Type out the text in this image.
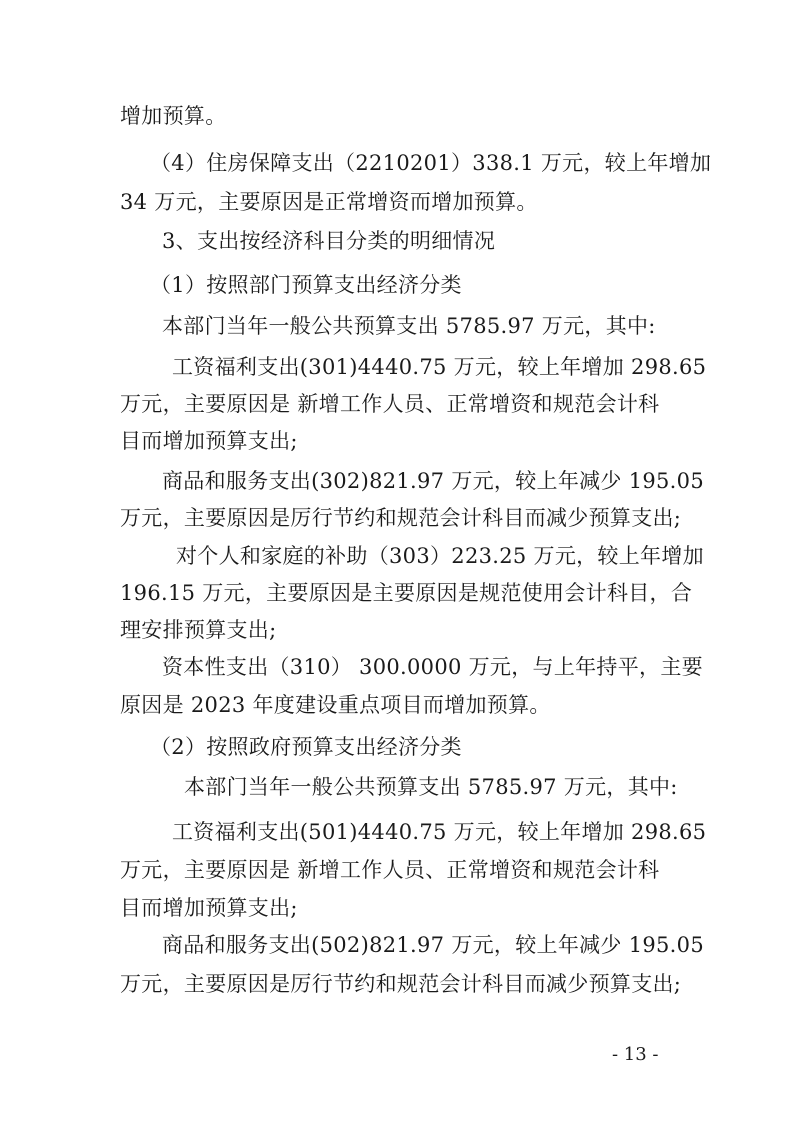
增加预算。

（4）住房保障支出（2210201）338.1 万元，较上年增加

34 万元，主要原因是正常增资而增加预算。

3、支出按经济科目分类的明细情况

（1）按照部门预算支出经济分类

本部门当年一般公共预算支出 5785.97 万元，其中:

工资福利支出(301)4440.75 万元，较上年增加 298.65

万元，主要原因是 新增工作人员、正常增资和规范会计科

目而增加预算支出;

商品和服务支出(302)821.97 万元，较上年减少 195.05

万元，主要原因是厉行节约和规范会计科目而减少预算支出;

对个人和家庭的补助（303）223.25 万元，较上年增加

196.15 万元，主要原因是主要原因是规范使用会计科目，合

理安排预算支出;

资本性支出（310） 300.0000 万元，与上年持平，主要

原因是 2023 年度建设重点项目而增加预算。

（2）按照政府预算支出经济分类

本部门当年一般公共预算支出 5785.97 万元，其中:

工资福利支出(501)4440.75 万元，较上年增加 298.65

万元，主要原因是 新增工作人员、正常增资和规范会计科

目而增加预算支出;

商品和服务支出(502)821.97 万元，较上年减少 195.05

万元，主要原因是厉行节约和规范会计科目而减少预算支出;

- 13 -
